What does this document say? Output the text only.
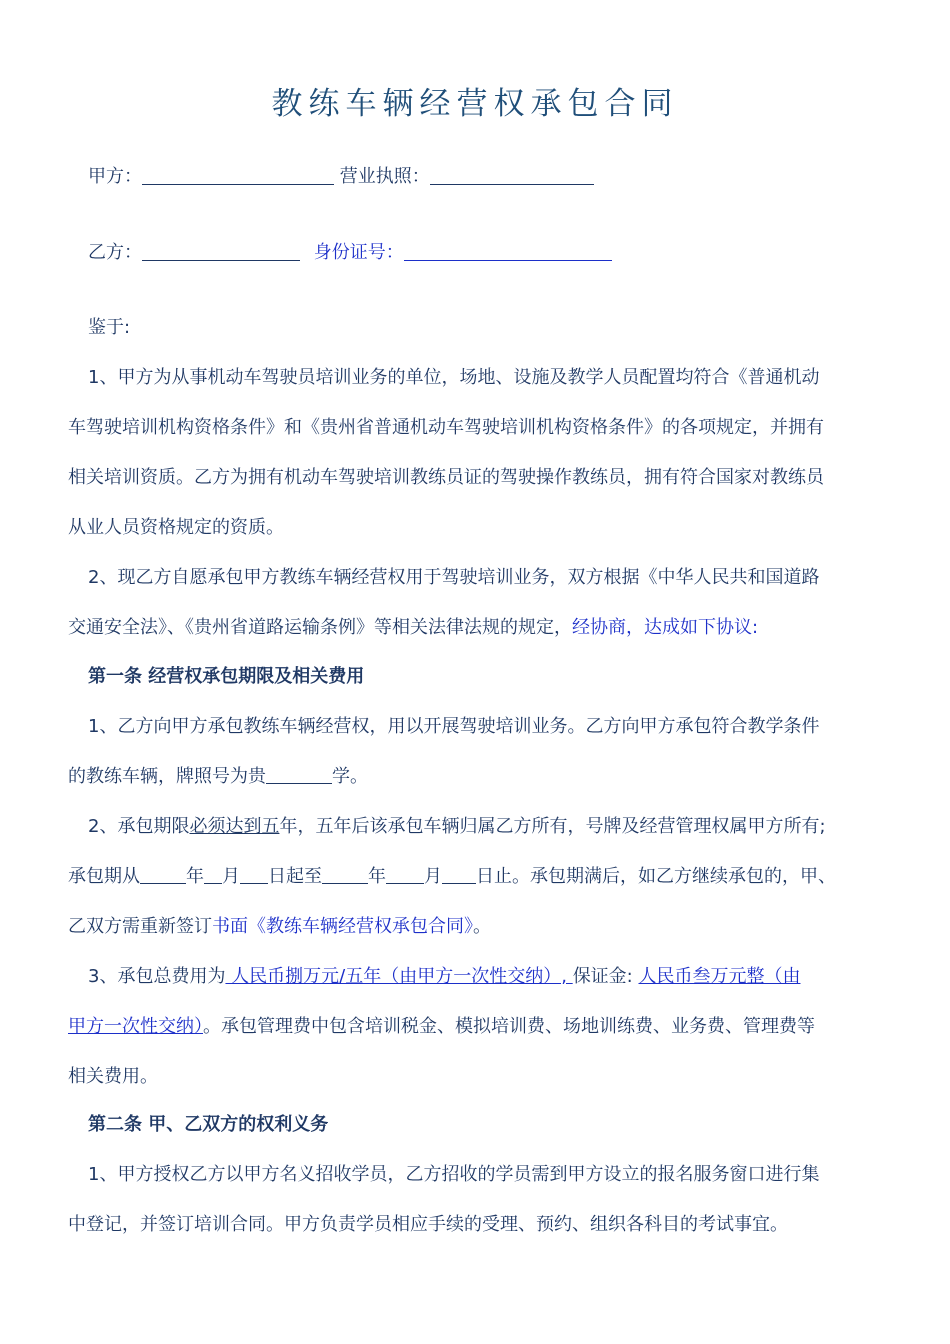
教练车辆经营权承包合同
甲方：	营业执照：
乙方：	身份证号：
鉴于:
1、甲方为从事机动车驾驶员培训业务的单位，场地、设施及教学人员配置均符合《普通机动
车驾驶培训机构资格条件》和《贵州省普通机动车驾驶培训机构资格条件》的各项规定，并拥有
相关培训资质。乙方为拥有机动车驾驶培训教练员证的驾驶操作教练员，拥有符合国家对教练员
从业人员资格规定的资质。
2、现乙方自愿承包甲方教练车辆经营权用于驾驶培训业务，双方根据《中华人民共和国道路
交通安全法》、《贵州省道路运输条例》等相关法律法规的规定，经协商，达成如下协议:
第一条 经营权承包期限及相关费用
1、乙方向甲方承包教练车辆经营权，用以开展驾驶培训业务。乙方向甲方承包符合教学条件
的教练车辆，牌照号为贵	学。
2、承包期限必须达到五年，五年后该承包车辆归属乙方所有，号牌及经营管理权属甲方所有;
承包期从	年 月 日起至	年 月 日止。承包期满后，如乙方继续承包的，甲、
乙双方需重新签订书面《教练车辆经营权承包合同》。
3、承包总费用为 人民币捌万元/五年（由甲方一次性交纳）, 保证金: 人民币叁万元整（由
甲方一次性交纳）。承包管理费中包含培训税金、模拟培训费、场地训练费、业务费、管理费等
相关费用。
第二条 甲、乙双方的权利义务
1、甲方授权乙方以甲方名义招收学员，乙方招收的学员需到甲方设立的报名服务窗口进行集
中登记，并签订培训合同。甲方负责学员相应手续的受理、预约、组织各科目的考试事宜。
